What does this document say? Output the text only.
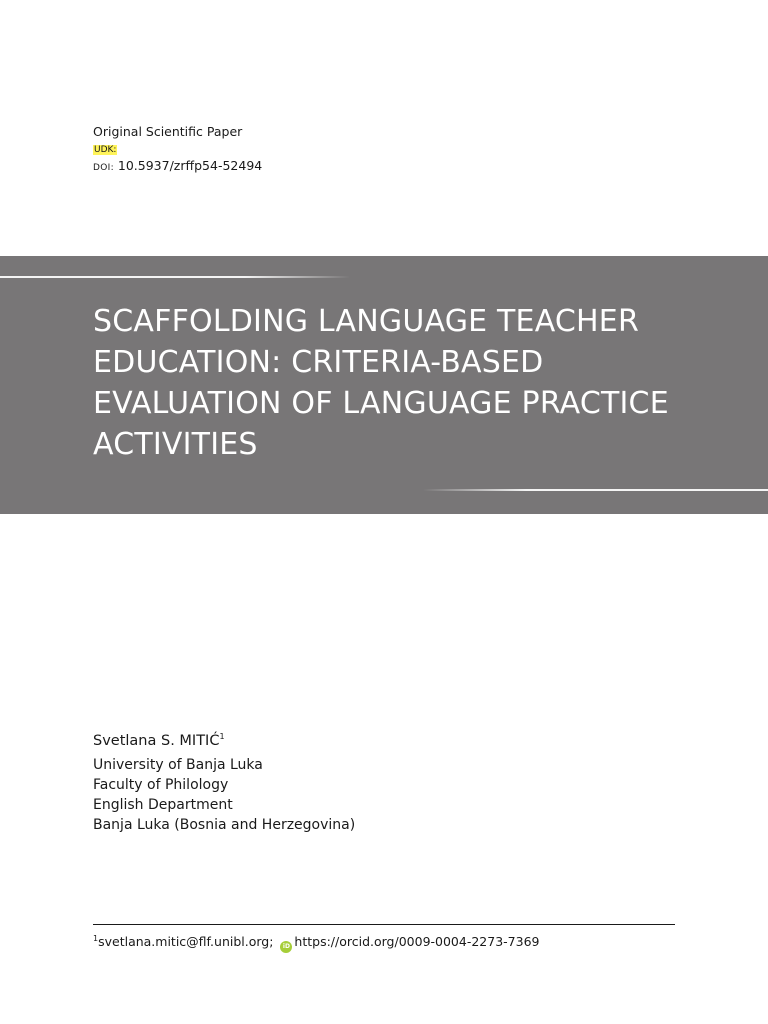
Original Scientific Paper
UDK:
DOI: 10.5937/zrffp54-52494
SCAFFOLDING LANGUAGE TEACHER EDUCATION: CRITERIA-BASED EVALUATION OF LANGUAGE PRACTICE ACTIVITIES
Svetlana S. MITIĆ$^1$
University of Banja Luka
Faculty of Philology
English Department
Banja Luka (Bosnia and Herzegovina)
$^1$svetlana.mitic@flf.unibl.org; iD https://orcid.org/0009-0004-2273-7369
